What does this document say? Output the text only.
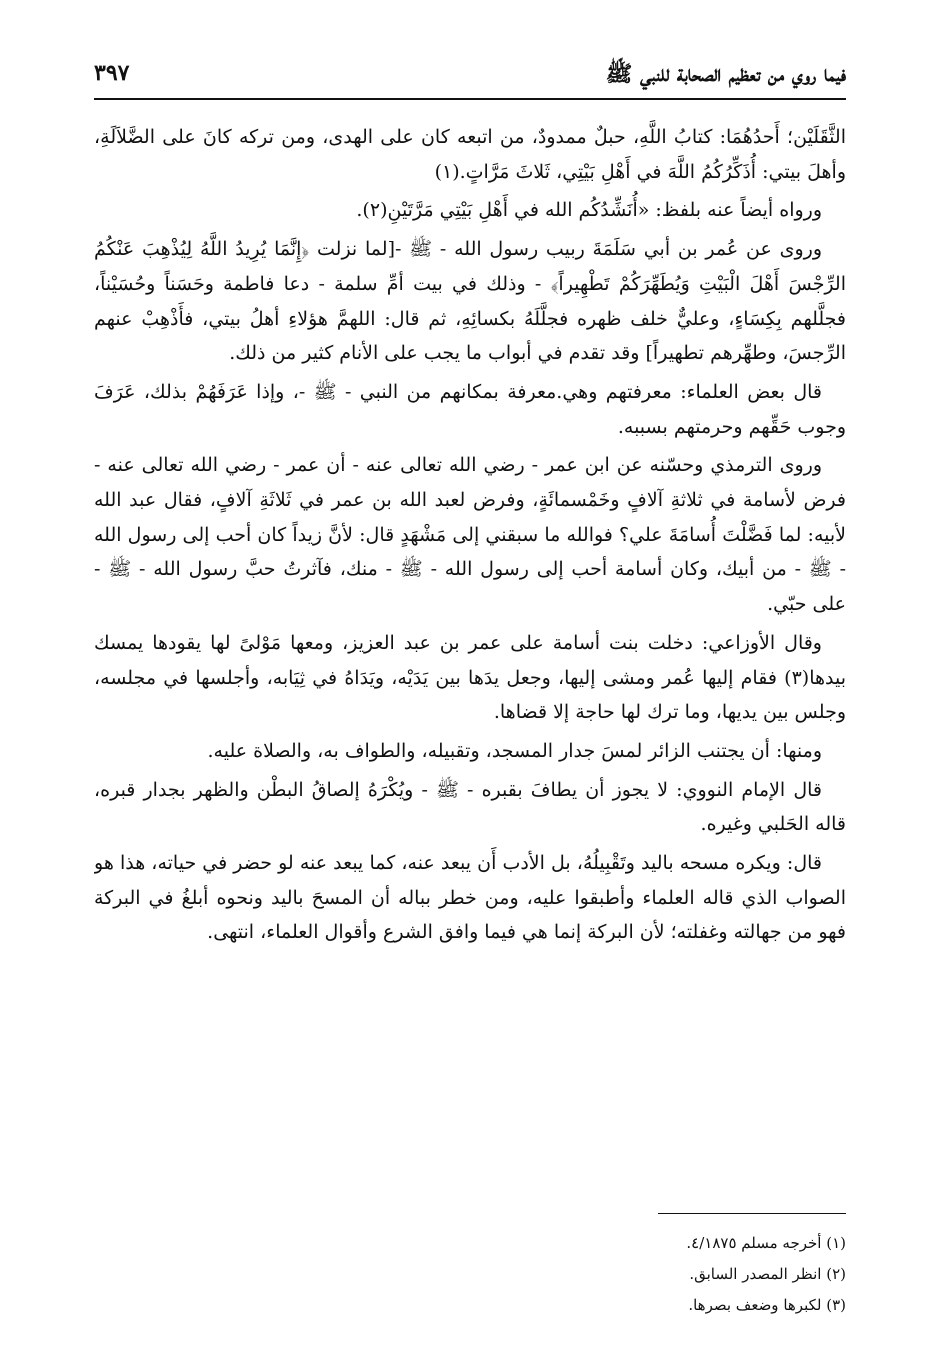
فيما روي من تعظيم الصحابة للنبي ﷺ
٣٩٧

الثَّقَلَيْن؛ أَحدُهُمَا: كتابُ اللَّهِ، حبلٌ ممدودٌ، من اتبعه كان على الهدى، ومن تركه كانَ على الضَّلاَلَةِ، وأهلَ بيتي: أُذَكِّرُكُمُ اللَّهَ في أَهْلِ بَيْتِي، ثَلاثَ مَرَّاتٍ.(١)

ورواه أيضاً عنه بلفظ: «أُنَشِّدُكُم الله في أَهْلِ بَيْتِي مَرَّتَيْنِ(٢).

وروى عن عُمر بن أبي سَلَمَةَ ربيب رسول الله - ﷺ -[لما نزلت ﴿إِنَّمَا يُرِيدُ اللَّهُ لِيُذْهِبَ عَنْكُمُ الرِّجْسَ أَهْلَ الْبَيْتِ وَيُطَهِّرَكُمْ تَطْهِيراً﴾ - وذلك في بيت أمِّ سلمة - دعا فاطمة وحَسَناً وحُسَيْناً، فجلَّلهم بِكِسَاءٍ، وعليٌّ خلف ظهره فجلَّلَهُ بكسائِهِ، ثم قال: اللهمَّ هؤلاءِ أهلُ بيتي، فأَذْهِبْ عنهم الرِّجسَ، وطهِّرهم تطهيراً] وقد تقدم في أبواب ما يجب على الأنام كثير من ذلك.

قال بعض العلماء: معرفتهم وهي.معرفة بمكانهم من النبي - ﷺ -، وإذا عَرَفَهُمْ بذلك، عَرَفَ وجوب حَقِّهم وحرمتهم بسببه.

وروى الترمذي وحسّنه عن ابن عمر - رضي الله تعالى عنه - أن عمر - رضي الله تعالى عنه - فرض لأسامة في ثلاثةِ آلافٍ وخَمْسمائَةٍ، وفرض لعبد الله بن عمر في ثَلاثَةِ آلافٍ، فقال عبد الله لأبيه: لما فَضَّلْتَ أُسامَةَ علي؟ فوالله ما سبقني إلى مَشْهَدٍ قال: لأنَّ زيداً كان أحب إلى رسول الله - ﷺ - من أبيك، وكان أسامة أحب إلى رسول الله - ﷺ - منك، فآثرتُ حبَّ رسول الله - ﷺ - على حبّي.

وقال الأوزاعي: دخلت بنت أسامة على عمر بن عبد العزيز، ومعها مَوْلىً لها يقودها يمسك بيدها(٣) فقام إليها عُمر ومشى إليها، وجعل يدَها بين يَدَيْه، ويَدَاهُ في ثِيَابه، وأجلسها في مجلسه، وجلس بين يديها، وما ترك لها حاجة إلا قضاها.

ومنها: أن يجتنب الزائر لمسَ جدار المسجد، وتقبيله، والطواف به، والصلاة عليه.

قال الإمام النووي: لا يجوز أن يطافَ بقبره - ﷺ - ويُكْرَهُ إلصاقُ البطْن والظهر بجدار قبره، قاله الحَلبي وغيره.

قال: ويكره مسحه باليد وتَقْبِيلُهُ، بل الأدب أَن يبعد عنه، كما يبعد عنه لو حضر في حياته، هذا هو الصواب الذي قاله العلماء وأطبقوا عليه، ومن خطر بباله أن المسحَ باليد ونحوه أبلغُ في البركة فهو من جهالته وغفلته؛ لأن البركة إنما هي فيما وافق الشرع وأقوال العلماء، انتهى.

(١) أخرجه مسلم ٤/١٨٧٥.
(٢) انظر المصدر السابق.
(٣) لكبرها وضعف بصرها.
